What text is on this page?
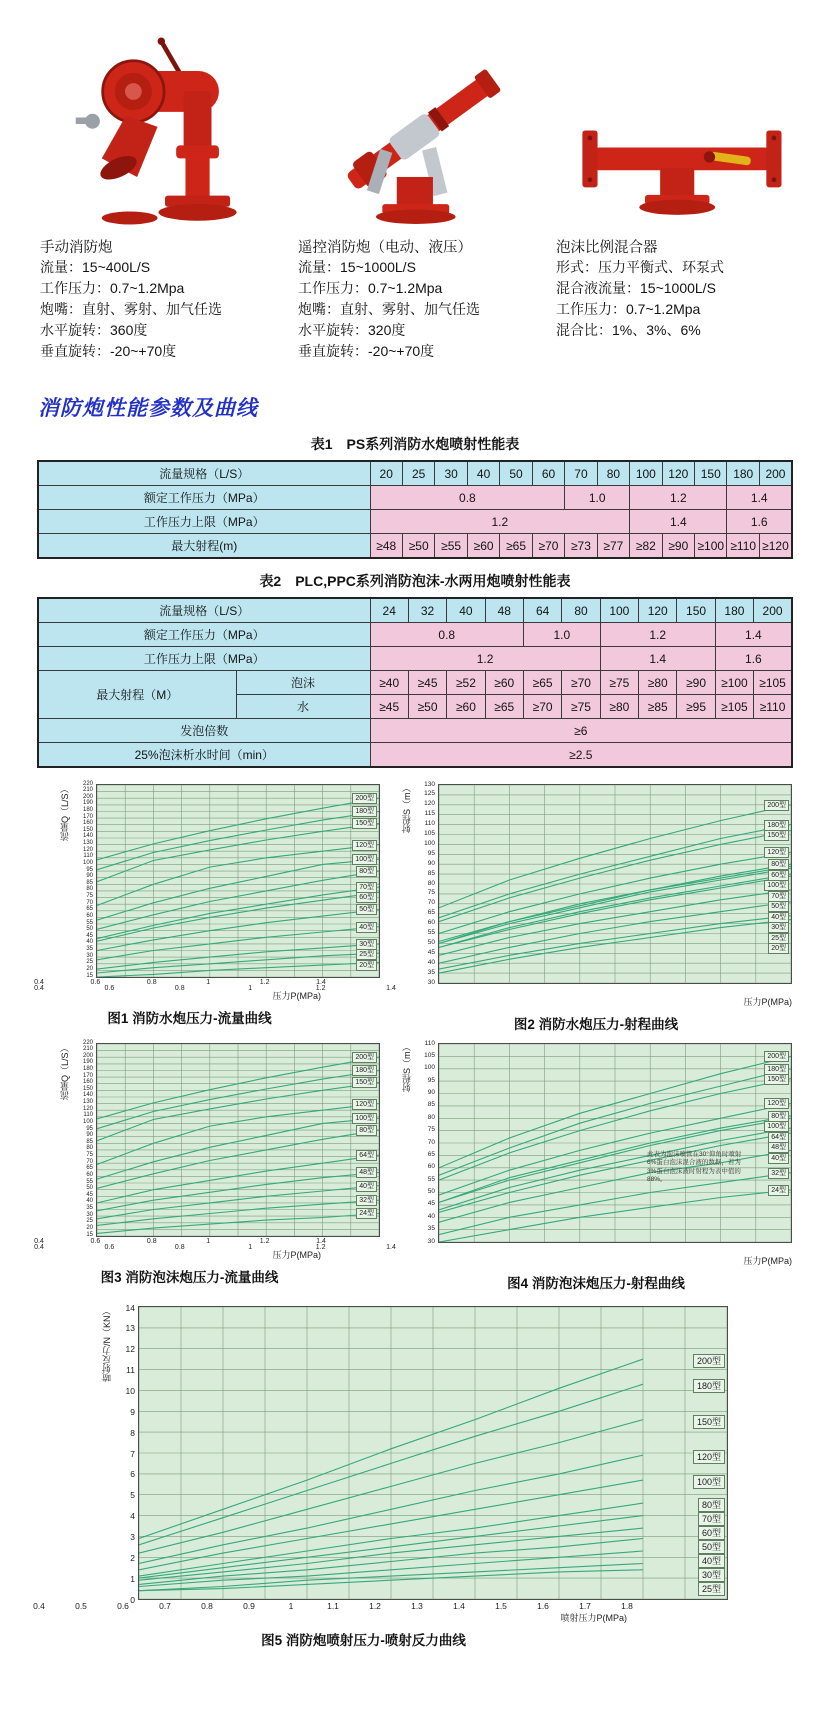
手动消防炮
流量：15~400L/S
工作压力：0.7~1.2Mpa
炮嘴：直射、雾射、加气任选
水平旋转：360度
垂直旋转：-20~+70度
遥控消防炮（电动、液压）
流量：15~1000L/S
工作压力：0.7~1.2Mpa
炮嘴：直射、雾射、加气任选
水平旋转：320度
垂直旋转：-20~+70度
泡沫比例混合器
形式：压力平衡式、环泵式
混合液流量：15~1000L/S
工作压力：0.7~1.2Mpa
混合比：1%、3%、6%
消防炮性能参数及曲线
表1　PS系列消防水炮喷射性能表
流量规格（L/S）	20	25	30	40	50	60	70	80	100	120	150	180	200
额定工作压力（MPa）	0.8						1.0		1.2			1.4	
工作压力上限（MPa）	1.2								1.4			1.6	
最大射程(m)	≥48	≥50	≥55	≥60	≥65	≥70	≥73	≥77	≥82	≥90	≥100	≥110	≥120
表2　PLC,PPC系列消防泡沫-水两用炮喷射性能表
流量规格（L/S）		24	32	40	48	64	80	100	120	150	180	200
额定工作压力（MPa）		0.8				1.0		1.2			1.4	
工作压力上限（MPa）		1.2						1.4			1.6	
最大射程（M）	泡沫	≥40	≥45	≥52	≥60	≥65	≥70	≥75	≥80	≥90	≥100	≥105
	水	≥45	≥50	≥60	≥65	≥70	≥75	≥80	≥85	≥95	≥105	≥110
发泡倍数		≥6										
25%泡沫析水时间（min）		≥2.5										
流量Q（L/S）
220
210
200
190
180
170
160
150
140
130
120
110
100
95
90
85
80
75
70
65
60
55
50
45
40
35
30
25
20
15
200型
180型
150型
120型
100型
80型
70型
60型
50型
40型
30型
25型
20型
0.4	0.6	0.8	1	1.2	1.4
压力P(MPa)
图1 消防水炮压力-流量曲线
射程S（m）	130
125
120
115
110
105
100
95
90
85
80
75
70
65
60
55
50
45
40
35
30
200型
180型
150型
120型
80型
60型
100型
70型
50型
40型
30型
25型
20型
0.4	0.6	0.8	1	1.2	1.4
压力P(MPa)
图2 消防水炮压力-射程曲线
流量Q（L/S）
220
210
200
190
180
170
160
150
140
130
120
110
100
95
90
85
80
75
70
65
60
55
50
45
40
35
30
25
20
15
200型
180型
150型
120型
100型
80型
64型
48型
40型
32型
24型
0.4	0.6	0.8	1	1.2	1.4
压力P(MPa)
图3 消防泡沫炮压力-流量曲线
射程S（m）	110
105
100
95
90
85
80
75
70
65
60
55
50
45
40
35
30
200型
180型
150型
120型
80型
100型
64型
48型
40型
32型
24型
此表为泡沫喷管在30°仰角时喷射6%蛋白泡沫混合液的数据，若为3%蛋白泡沫液时射程为表中值的88%。
0.4	0.6	0.8	1	1.2	1.4
压力P(MPa)
图4 消防泡沫炮压力-射程曲线
喷射反力/N（KN）	14
13
12
11
10
9
8
7
6
5
4
3
2
1
0
200型
180型
150型
120型
100型
80型
70型
60型
50型
40型
30型
25型
0.4	0.5	0.6	0.7	0.8	0.9	1	1.1	1.2	1.3	1.4	1.5	1.6	1.7	1.8
喷射压力P(MPa)
图5 消防炮喷射压力-喷射反力曲线
